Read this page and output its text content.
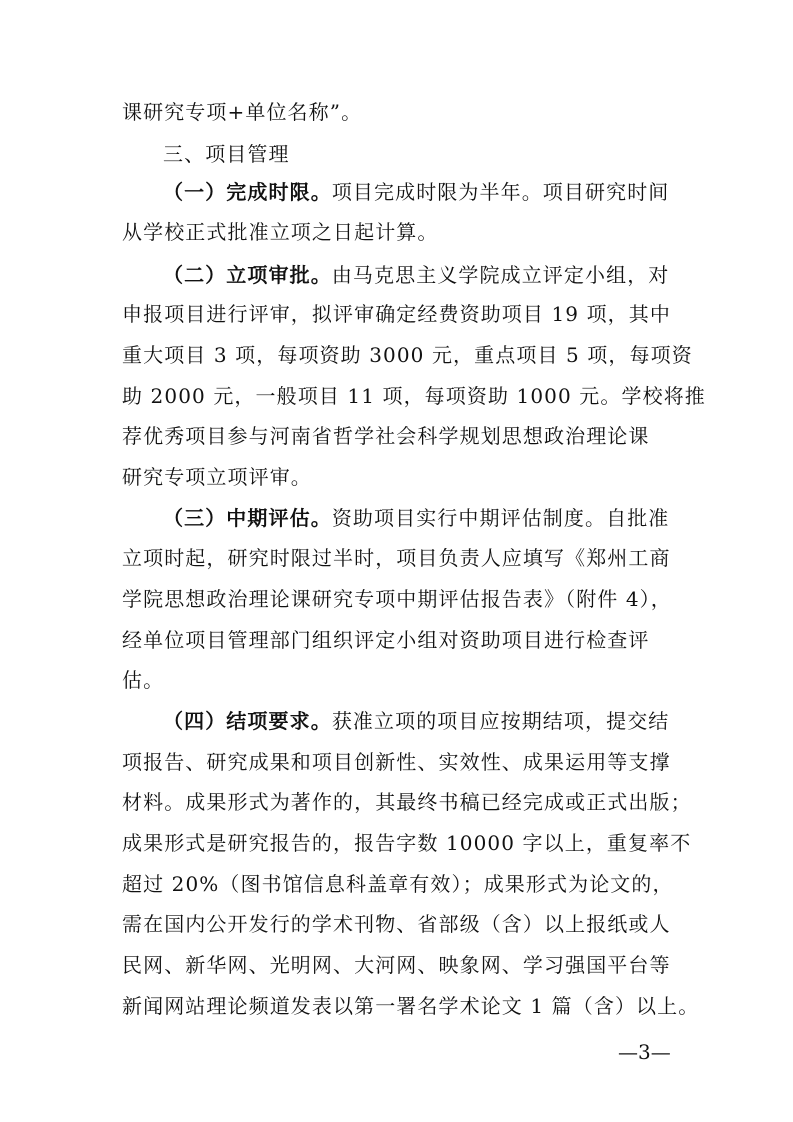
课研究专项+单位名称”。
三、项目管理
（一）完成时限。项目完成时限为半年。项目研究时间
从学校正式批准立项之日起计算。
（二）立项审批。由马克思主义学院成立评定小组，对
申报项目进行评审，拟评审确定经费资助项目 19 项，其中
重大项目 3 项，每项资助 3000 元，重点项目 5 项，每项资
助 2000 元，一般项目 11 项，每项资助 1000 元。学校将推
荐优秀项目参与河南省哲学社会科学规划思想政治理论课
研究专项立项评审。
（三）中期评估。资助项目实行中期评估制度。自批准
立项时起，研究时限过半时，项目负责人应填写《郑州工商
学院思想政治理论课研究专项中期评估报告表》（附件 4），
经单位项目管理部门组织评定小组对资助项目进行检查评
估。
（四）结项要求。获准立项的项目应按期结项，提交结
项报告、研究成果和项目创新性、实效性、成果运用等支撑
材料。成果形式为著作的，其最终书稿已经完成或正式出版；
成果形式是研究报告的，报告字数 10000 字以上，重复率不
超过 20%（图书馆信息科盖章有效）；成果形式为论文的，
需在国内公开发行的学术刊物、省部级（含）以上报纸或人
民网、新华网、光明网、大河网、映象网、学习强国平台等
新闻网站理论频道发表以第一署名学术论文 1 篇（含）以上。
—3—
